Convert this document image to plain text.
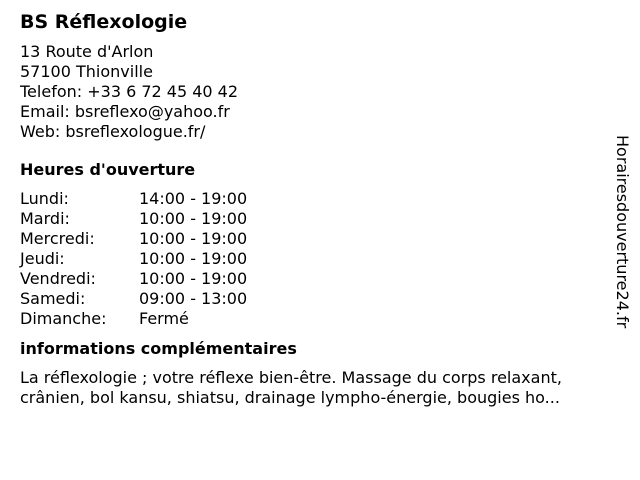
BS Réflexologie
13 Route d'Arlon
57100 Thionville
Telefon: +33 6 72 45 40 42
Email: bsreflexo@yahoo.fr
Web: bsreflexologue.fr/
Heures d'ouverture
Lundi:	14:00 - 19:00
Mardi:	10:00 - 19:00
Mercredi:	10:00 - 19:00
Jeudi:	10:00 - 19:00
Vendredi:	10:00 - 19:00
Samedi:	09:00 - 13:00
Dimanche:	Fermé
informations complémentaires

La réflexologie ; votre réflexe bien-être. Massage du corps relaxant, crânien, bol kansu, shiatsu, drainage lympho-énergie, bougies ho...

Horairesdouverture24.fr
